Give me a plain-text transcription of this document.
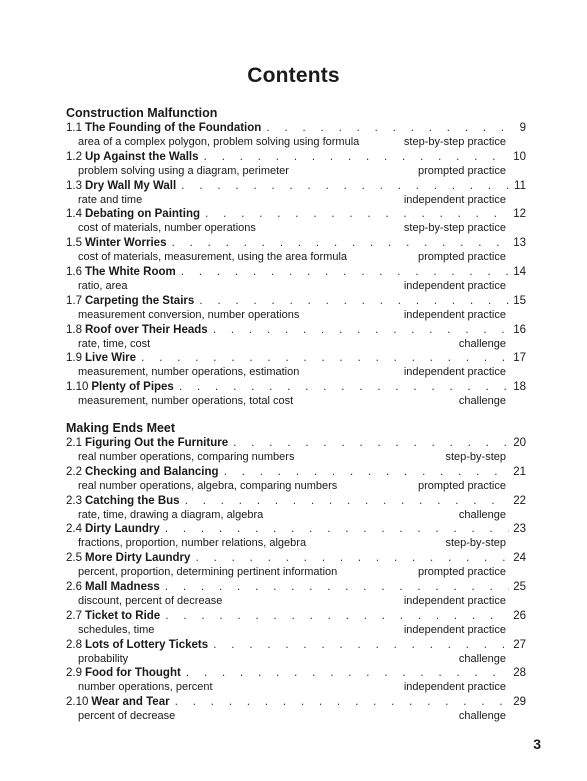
Contents
Construction Malfunction
1.1 The Founding of the Foundation . . .	9
area of a complex polygon, problem solving using formula	step-by-step practice
1.2 Up Against the Walls . . .	10
problem solving using a diagram, perimeter	prompted practice
1.3 Dry Wall My Wall . . .	11
rate and time	independent practice
1.4 Debating on Painting . . .	12
cost of materials, number operations	step-by-step practice
1.5 Winter Worries . . .	13
cost of materials, measurement, using the area formula	prompted practice
1.6 The White Room . . .	14
ratio, area	independent practice
1.7 Carpeting the Stairs . . .	15
measurement conversion, number operations	independent practice
1.8 Roof over Their Heads . . .	16
rate, time, cost	challenge
1.9 Live Wire . . .	17
measurement, number operations, estimation	independent practice
1.10 Plenty of Pipes . . .	18
measurement, number operations, total cost	challenge
Making Ends Meet
2.1 Figuring Out the Furniture . . .	20
real number operations, comparing numbers	step-by-step
2.2 Checking and Balancing . . .	21
real number operations, algebra, comparing numbers	prompted practice
2.3 Catching the Bus . . .	22
rate, time, drawing a diagram, algebra	challenge
2.4 Dirty Laundry . . .	23
fractions, proportion, number relations, algebra	step-by-step
2.5 More Dirty Laundry . . .	24
percent, proportion, determining pertinent information	prompted practice
2.6 Mall Madness . . .	25
discount, percent of decrease	independent practice
2.7 Ticket to Ride . . .	26
schedules, time	independent practice
2.8 Lots of Lottery Tickets . . .	27
probability	challenge
2.9 Food for Thought . . .	28
number operations, percent	independent practice
2.10 Wear and Tear . . .	29
percent of decrease	challenge
3
